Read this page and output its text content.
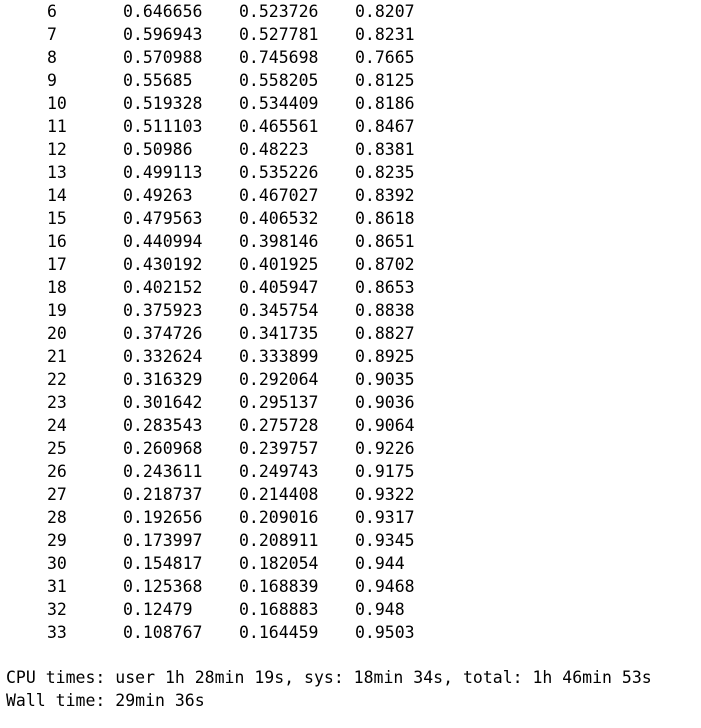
6	0.646656 0.523726 0.8207
7	0.596943 0.527781 0.8231
8	0.570988 0.745698 0.7665
9	0.55685	0.558205 0.8125
10	0.519328 0.534409 0.8186
11	0.511103 0.465561 0.8467
12	0.50986	0.48223	0.8381
13	0.499113 0.535226 0.8235
14	0.49263	0.467027 0.8392
15	0.479563 0.406532 0.8618
16	0.440994 0.398146 0.8651
17	0.430192 0.401925 0.8702
18	0.402152 0.405947 0.8653
19	0.375923 0.345754 0.8838
20	0.374726 0.341735 0.8827
21	0.332624 0.333899 0.8925
22	0.316329 0.292064 0.9035
23	0.301642 0.295137 0.9036
24	0.283543 0.275728 0.9064
25	0.260968 0.239757 0.9226
26	0.243611 0.249743 0.9175
27	0.218737 0.214408 0.9322
28	0.192656 0.209016 0.9317
29	0.173997 0.208911 0.9345
30	0.154817 0.182054 0.944
31	0.125368 0.168839 0.9468
32	0.12479	0.168883 0.948
33	0.108767 0.164459 0.9503
CPU times: user 1h 28min 19s, sys: 18min 34s, total: 1h 46min 53s
Wall time: 29min 36s
